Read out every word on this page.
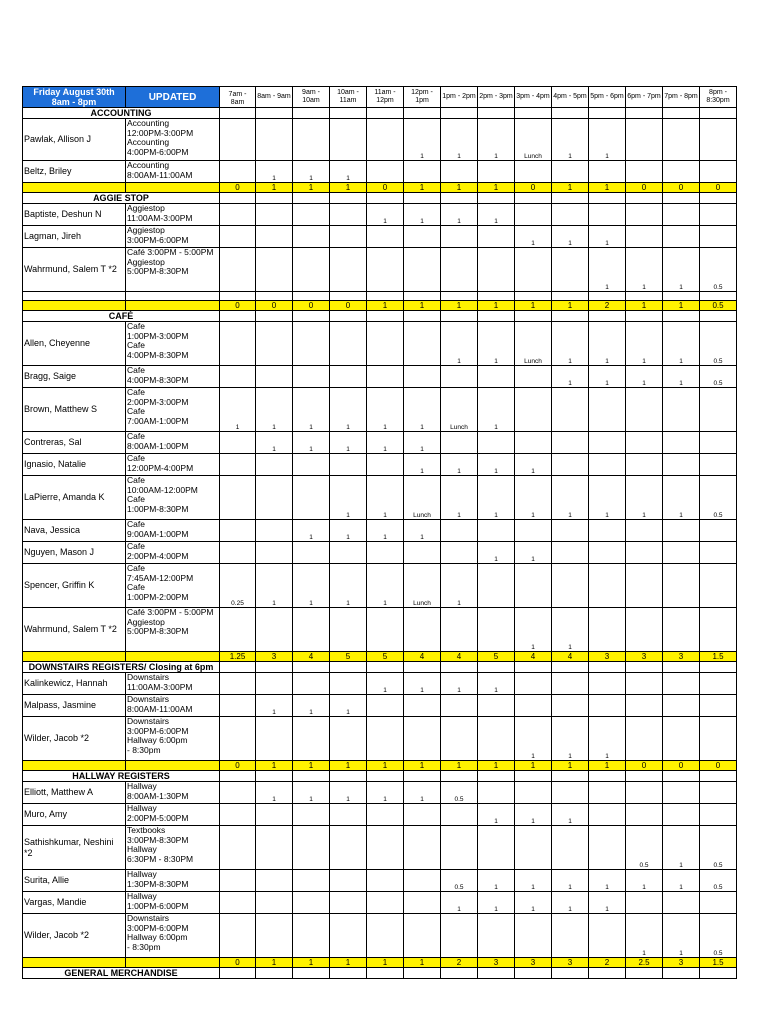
Friday August 30th 8am - 8pm	UPDATED	7am - 8am	8am - 9am	9am - 10am	10am - 11am	11am - 12pm	12pm - 1pm	1pm - 2pm	2pm - 3pm	3pm - 4pm	4pm - 5pm	5pm - 6pm	6pm - 7pm	7pm - 8pm	8pm - 8:30pm
ACCOUNTING															
Pawlak, Allison J	Accounting
12:00PM-3:00PM
Accounting
4:00PM-6:00PM						1	1	1	Lunch	1	1			
Beltz, Briley	Accounting
8:00AM-11:00AM		1	1	1										
		0	1	1	1	0	1	1	1	0	1	1	0	0	0
AGGIE STOP															
Baptiste, Deshun N	Aggiestop
11:00AM-3:00PM					1	1	1	1						
Lagman, Jireh	Aggiestop
3:00PM-6:00PM									1	1	1			
Wahrmund, Salem T *2	Café 3:00PM - 5:00PM
Aggiestop
5:00PM-8:30PM											1	1	1	0.5

		0	0	0	0	1	1	1	1	1	1	2	1	1	0.5
CAFÉ															
Allen, Cheyenne	Cafe
1:00PM-3:00PM
Cafe
4:00PM-8:30PM							1	1	Lunch	1	1	1	1	0.5
Bragg, Saige	Cafe
4:00PM-8:30PM										1	1	1	1	0.5
Brown, Matthew S	Cafe
2:00PM-3:00PM
Cafe
7:00AM-1:00PM	1	1	1	1	1	1	Lunch	1						
Contreras, Sal	Cafe
8:00AM-1:00PM		1	1	1	1	1								
Ignasio, Natalie	Cafe
12:00PM-4:00PM						1	1	1	1					
LaPierre, Amanda K	Cafe
10:00AM-12:00PM
Cafe
1:00PM-8:30PM				1	1	Lunch	1	1	1	1	1	1	1	0.5
Nava, Jessica	Cafe
9:00AM-1:00PM			1	1	1	1								
Nguyen, Mason J	Cafe
2:00PM-4:00PM								1	1					
Spencer, Griffin K	Cafe
7:45AM-12:00PM
Cafe
1:00PM-2:00PM	0.25	1	1	1	1	Lunch	1							
Wahrmund, Salem T *2	Café 3:00PM - 5:00PM
Aggiestop
5:00PM-8:30PM									1	1				
		1.25	3	4	5	5	4	4	5	4	4	3	3	3	1.5
DOWNSTAIRS REGISTERS/ Closing at 6pm															
Kalinkewicz, Hannah	Downstairs
11:00AM-3:00PM					1	1	1	1						
Malpass, Jasmine	Downstairs
8:00AM-11:00AM		1	1	1										
Wilder, Jacob *2	Downstairs
3:00PM-6:00PM
Hallway 6:00pm
- 8:30pm									1	1	1			
		0	1	1	1	1	1	1	1	1	1	1	0	0	0
HALLWAY REGISTERS															
Elliott, Matthew A	Hallway
8:00AM-1:30PM		1	1	1	1	1	0.5							
Muro, Amy	Hallway
2:00PM-5:00PM								1	1	1				
Sathishkumar, Neshini *2	Textbooks
3:00PM-8:30PM
Hallway
6:30PM - 8:30PM												0.5	1	0.5
Surita, Allie	Hallway
1:30PM-8:30PM							0.5	1	1	1	1	1	1	0.5
Vargas, Mandie	Hallway
1:00PM-6:00PM							1	1	1	1	1			
Wilder, Jacob *2	Downstairs
3:00PM-6:00PM
Hallway 6:00pm
- 8:30pm												1	1	0.5
		0	1	1	1	1	1	2	3	3	3	2	2.5	3	1.5
GENERAL MERCHANDISE															
